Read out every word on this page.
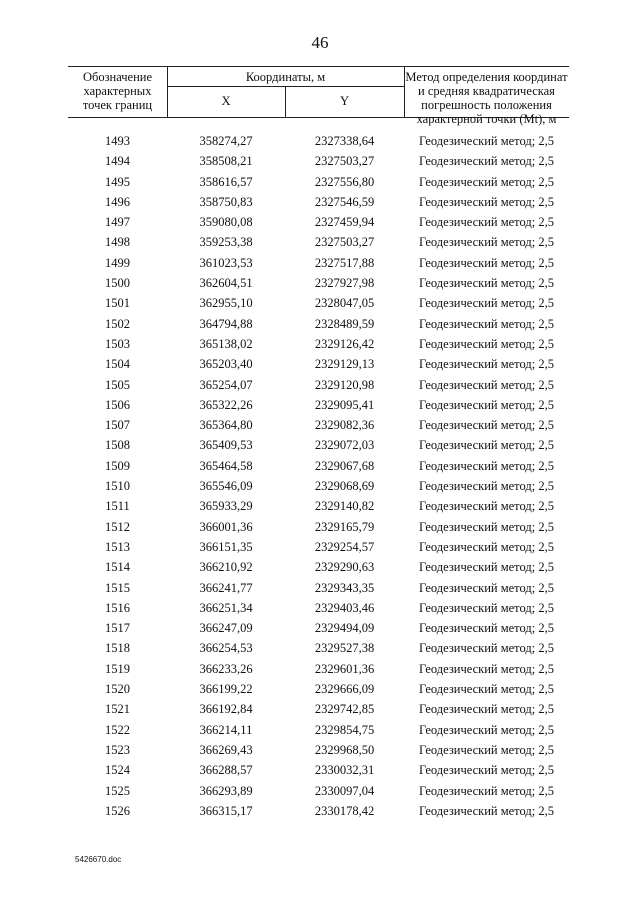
46
Обозначение характерных точек границ
Координаты, м
X	Y
Метод определения координат и средняя квадратическая погрешность положения характерной точки (Mt), м
1493	358274,27	2327338,64	Геодезический метод; 2,5
1494	358508,21	2327503,27	Геодезический метод; 2,5
1495	358616,57	2327556,80	Геодезический метод; 2,5
1496	358750,83	2327546,59	Геодезический метод; 2,5
1497	359080,08	2327459,94	Геодезический метод; 2,5
1498	359253,38	2327503,27	Геодезический метод; 2,5
1499	361023,53	2327517,88	Геодезический метод; 2,5
1500	362604,51	2327927,98	Геодезический метод; 2,5
1501	362955,10	2328047,05	Геодезический метод; 2,5
1502	364794,88	2328489,59	Геодезический метод; 2,5
1503	365138,02	2329126,42	Геодезический метод; 2,5
1504	365203,40	2329129,13	Геодезический метод; 2,5
1505	365254,07	2329120,98	Геодезический метод; 2,5
1506	365322,26	2329095,41	Геодезический метод; 2,5
1507	365364,80	2329082,36	Геодезический метод; 2,5
1508	365409,53	2329072,03	Геодезический метод; 2,5
1509	365464,58	2329067,68	Геодезический метод; 2,5
1510	365546,09	2329068,69	Геодезический метод; 2,5
1511	365933,29	2329140,82	Геодезический метод; 2,5
1512	366001,36	2329165,79	Геодезический метод; 2,5
1513	366151,35	2329254,57	Геодезический метод; 2,5
1514	366210,92	2329290,63	Геодезический метод; 2,5
1515	366241,77	2329343,35	Геодезический метод; 2,5
1516	366251,34	2329403,46	Геодезический метод; 2,5
1517	366247,09	2329494,09	Геодезический метод; 2,5
1518	366254,53	2329527,38	Геодезический метод; 2,5
1519	366233,26	2329601,36	Геодезический метод; 2,5
1520	366199,22	2329666,09	Геодезический метод; 2,5
1521	366192,84	2329742,85	Геодезический метод; 2,5
1522	366214,11	2329854,75	Геодезический метод; 2,5
1523	366269,43	2329968,50	Геодезический метод; 2,5
1524	366288,57	2330032,31	Геодезический метод; 2,5
1525	366293,89	2330097,04	Геодезический метод; 2,5
1526	366315,17	2330178,42	Геодезический метод; 2,5
5426670.doc
